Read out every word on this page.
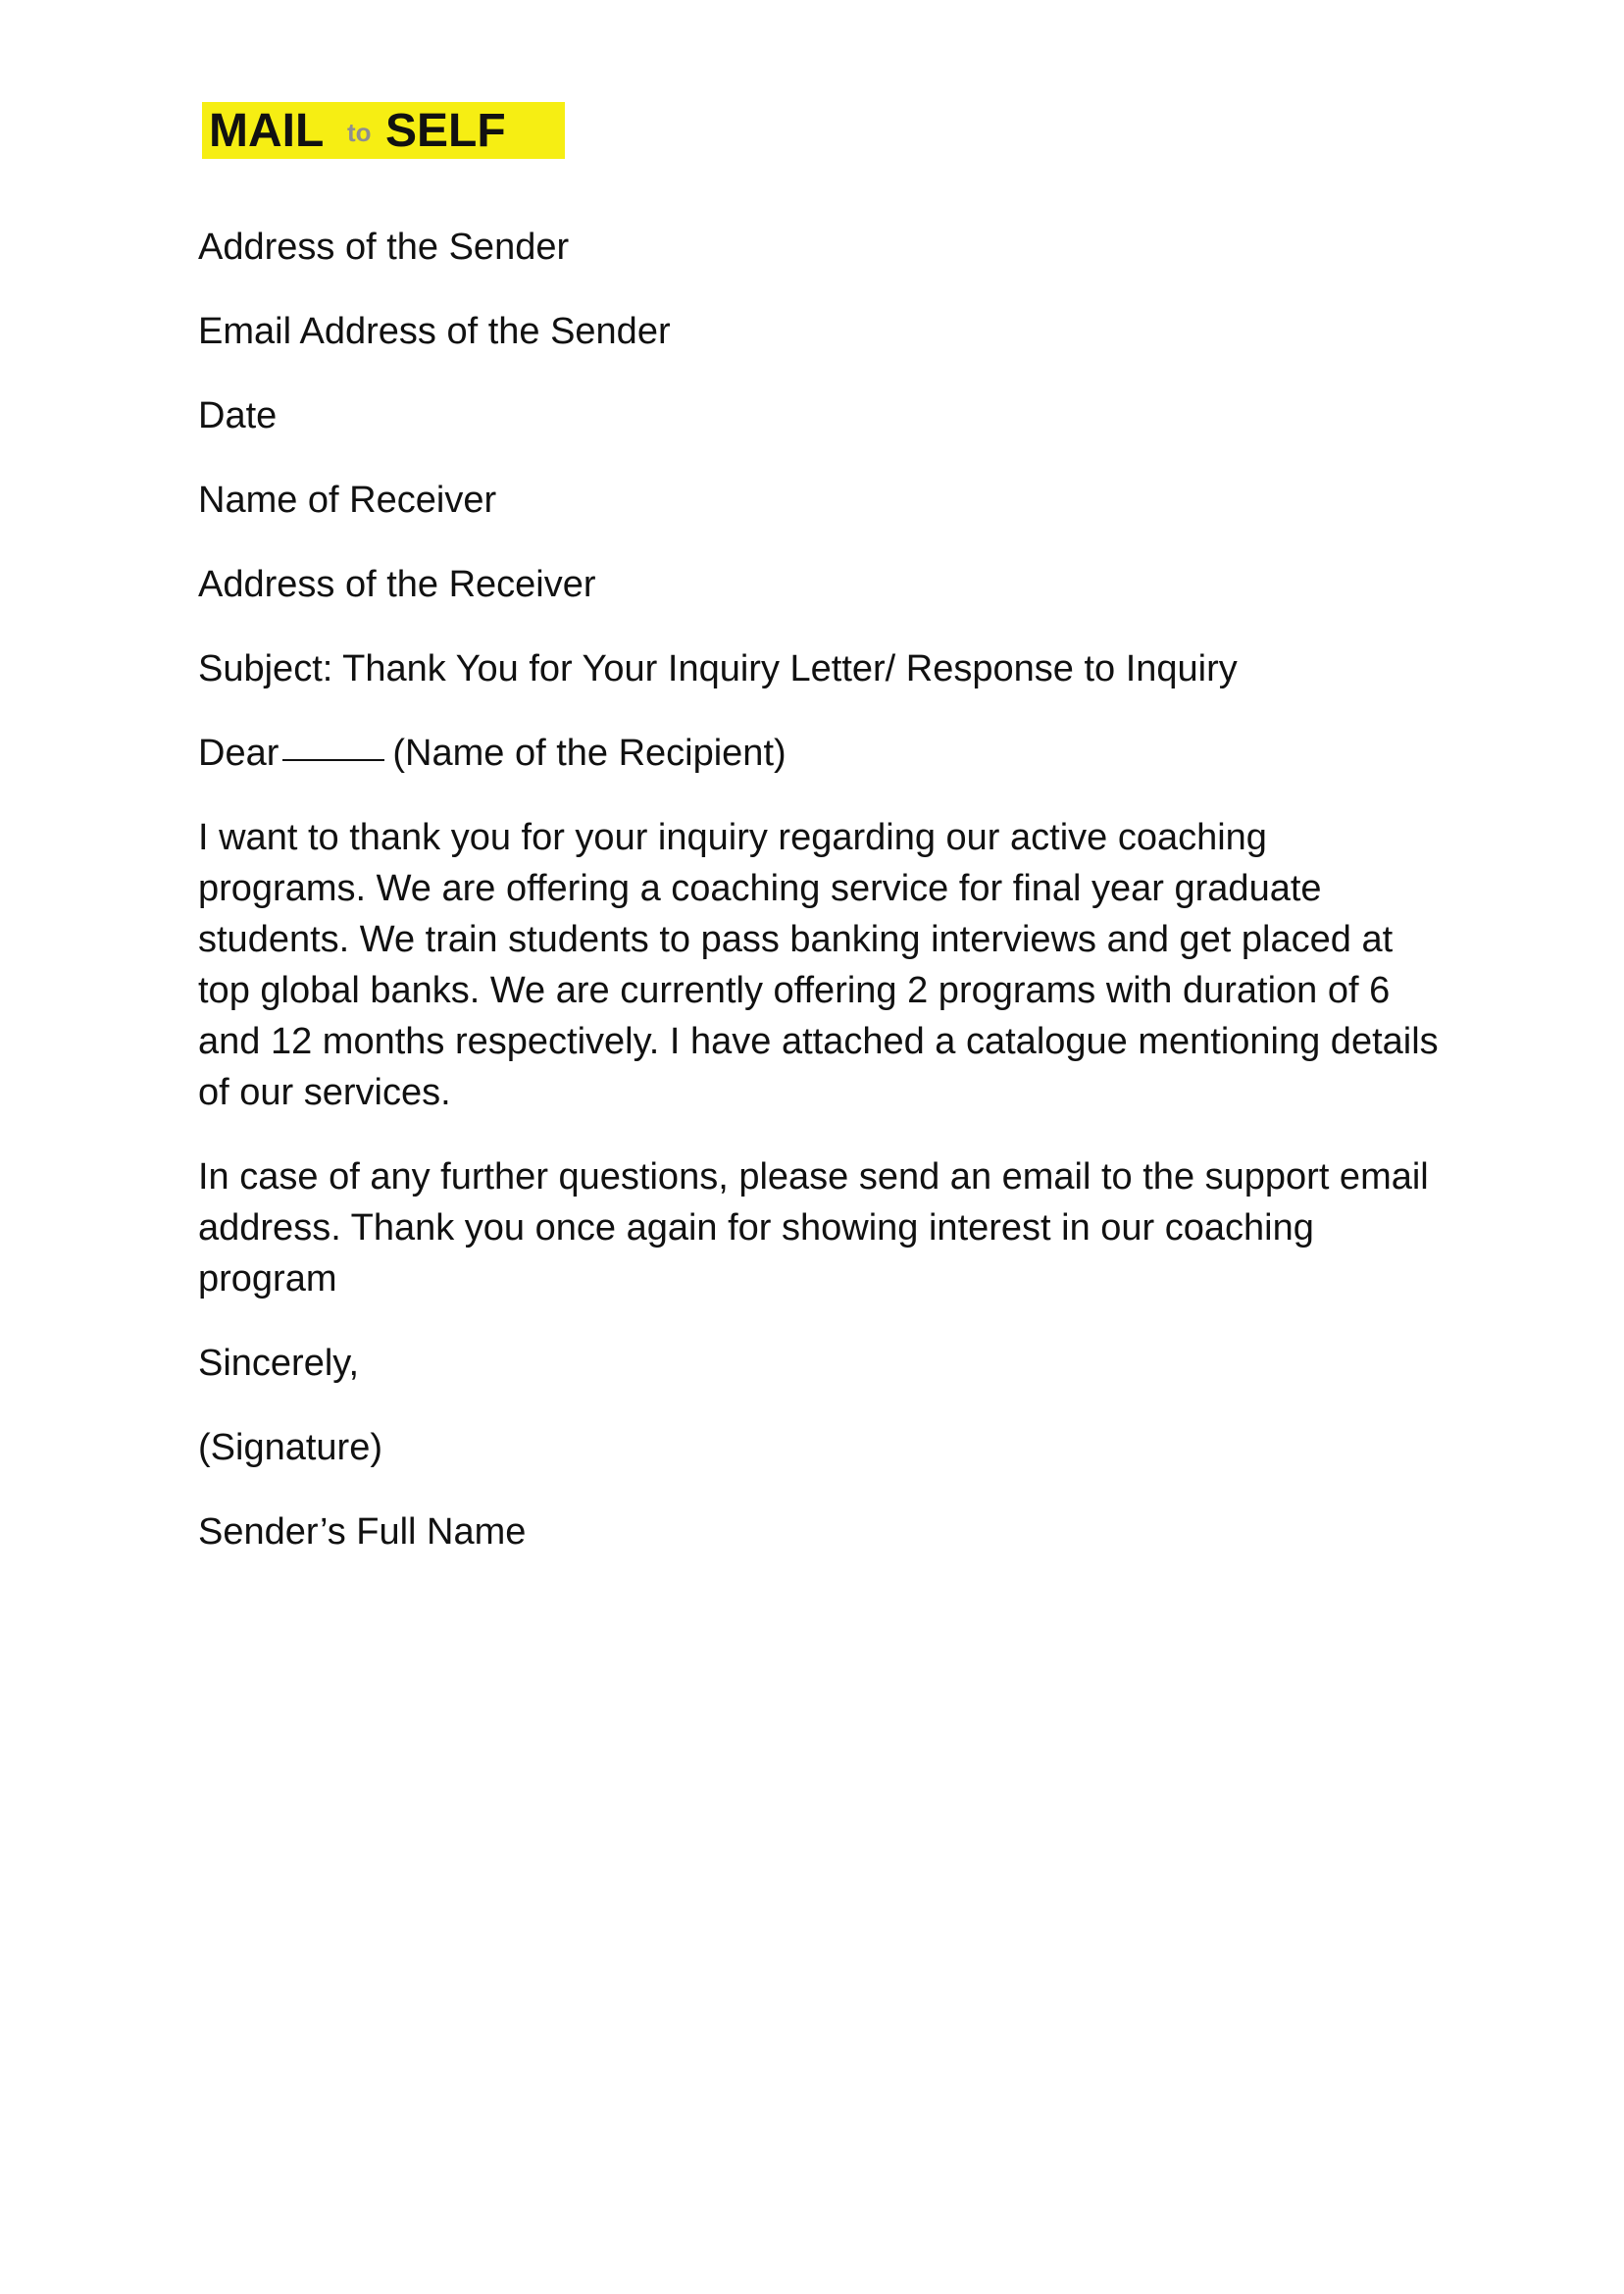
MAIL to SELF
Address of the Sender
Email Address of the Sender
Date
Name of Receiver
Address of the Receiver
Subject: Thank You for Your Inquiry Letter/ Response to Inquiry
Dear	(Name of the Recipient)
I want to thank you for your inquiry regarding our active coaching programs. We are offering a coaching service for final year graduate students. We train students to pass banking interviews and get placed at top global banks. We are currently offering 2 programs with duration of 6 and 12 months respectively. I have attached a catalogue mentioning details of our services.
In case of any further questions, please send an email to the support email address. Thank you once again for showing interest in our coaching program
Sincerely,
(Signature)
Sender’s Full Name
